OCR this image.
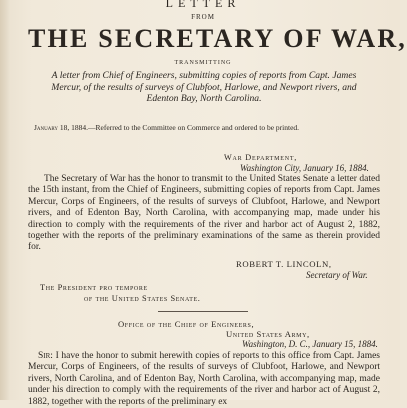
LETTER
FROM
THE SECRETARY OF WAR,
TRANSMITTING
A letter from Chief of Engineers, submitting copies of reports from Capt. James Mercur, of the results of surveys of Clubfoot, Harlowe, and Newport rivers, and Edenton Bay, North Carolina.
January 18, 1884.—Referred to the Committee on Commerce and ordered to be printed.
War Department,
Washington City, January 16, 1884.
The Secretary of War has the honor to transmit to the United States Senate a letter dated the 15th instant, from the Chief of Engineers, submitting copies of reports from Capt. James Mercur, Corps of Engineers, of the results of surveys of Clubfoot, Harlowe, and Newport rivers, and of Edenton Bay, North Carolina, with accompanying map, made under his direction to comply with the requirements of the river and harbor act of August 2, 1882, together with the reports of the preliminary examinations of the same as therein provided for.
ROBERT T. LINCOLN,
Secretary of War.
The President pro tempore
of the United States Senate.
Office of the Chief of Engineers,
United States Army,
Washington, D. C., January 15, 1884.
Sir: I have the honor to submit herewith copies of reports to this office from Capt. James Mercur, Corps of Engineers, of the results of surveys of Clubfoot, Harlowe, and Newport rivers, North Carolina, and of Edenton Bay, North Carolina, with accompanying map, made under his direction to comply with the requirements of the river and harbor act of August 2, 1882, together with the reports of the preliminary ex
